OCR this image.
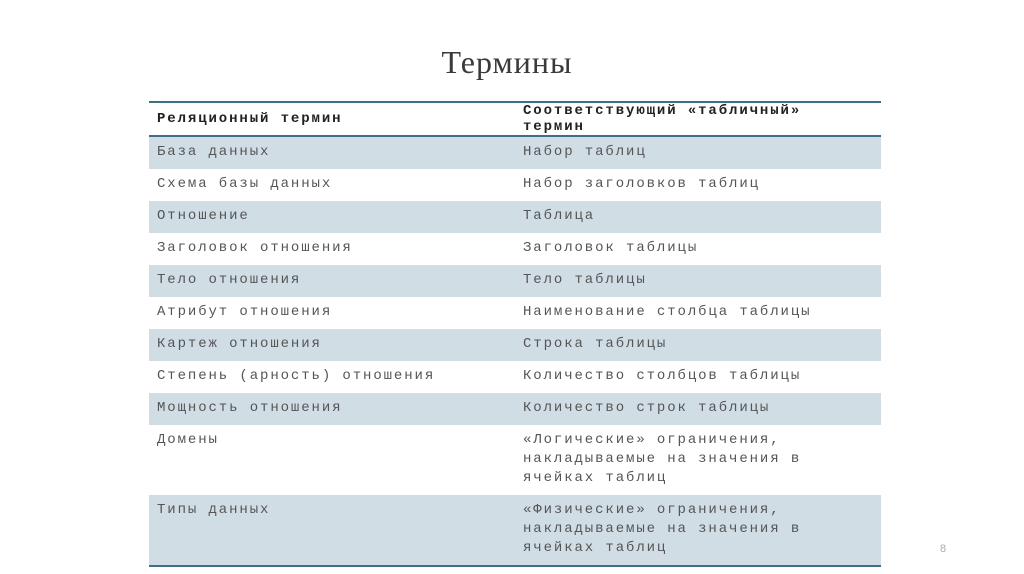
Термины
Реляционный термин	Соответствующий «табличный» термин
База данных	Набор таблиц
Схема базы данных	Набор заголовков таблиц
Отношение	Таблица
Заголовок отношения	Заголовок таблицы
Тело отношения	Тело таблицы
Атрибут отношения	Наименование столбца таблицы
Картеж отношения	Строка таблицы
Степень (арность) отношения	Количество столбцов таблицы
Мощность отношения	Количество строк таблицы
Домены	«Логические» ограничения, накладываемые на значения в ячейках таблиц
Типы данных	«Физические» ограничения, накладываемые на значения в ячейках таблиц	8
